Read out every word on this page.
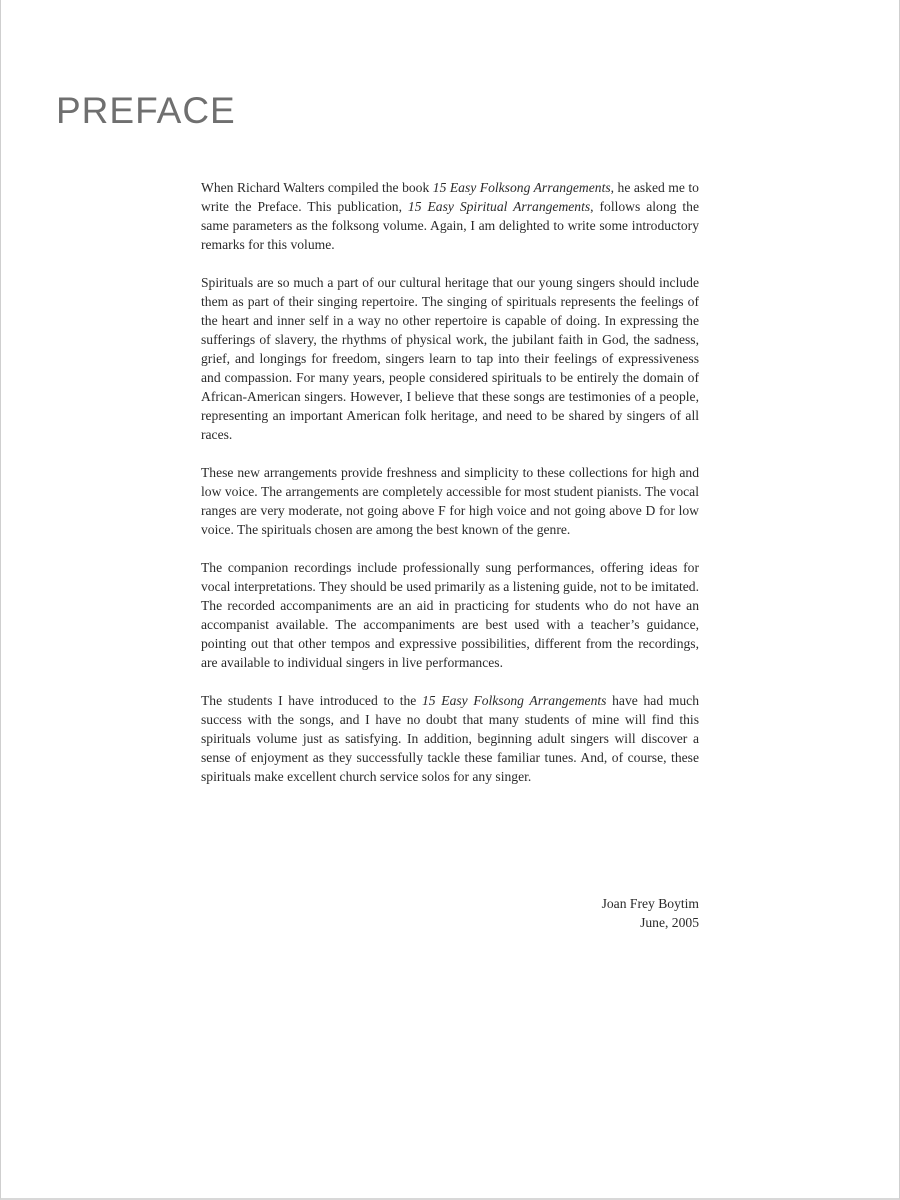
PREFACE

When Richard Walters compiled the book 15 Easy Folksong Arrangements, he asked me to write the Preface. This publication, 15 Easy Spiritual Arrangements, follows along the same parameters as the folksong volume. Again, I am delighted to write some introductory remarks for this volume.

Spirituals are so much a part of our cultural heritage that our young singers should include them as part of their singing repertoire. The singing of spirituals represents the feelings of the heart and inner self in a way no other repertoire is capable of doing. In expressing the sufferings of slavery, the rhythms of physical work, the jubilant faith in God, the sadness, grief, and longings for freedom, singers learn to tap into their feelings of expressiveness and compassion. For many years, people considered spirituals to be entirely the domain of African-American singers. However, I believe that these songs are testimonies of a people, representing an important American folk heritage, and need to be shared by singers of all races.

These new arrangements provide freshness and simplicity to these collections for high and low voice. The arrangements are completely accessible for most student pianists. The vocal ranges are very moderate, not going above F for high voice and not going above D for low voice. The spirituals chosen are among the best known of the genre.

The companion recordings include professionally sung performances, offering ideas for vocal interpretations. They should be used primarily as a listening guide, not to be imitated. The recorded accompaniments are an aid in practicing for students who do not have an accompanist available. The accompaniments are best used with a teacher’s guidance, pointing out that other tempos and expressive possibilities, different from the recordings, are available to individual singers in live performances.

The students I have introduced to the 15 Easy Folksong Arrangements have had much success with the songs, and I have no doubt that many students of mine will find this spirituals volume just as satisfying. In addition, beginning adult singers will discover a sense of enjoyment as they successfully tackle these familiar tunes. And, of course, these spirituals make excellent church service solos for any singer.

Joan Frey Boytim
June, 2005
